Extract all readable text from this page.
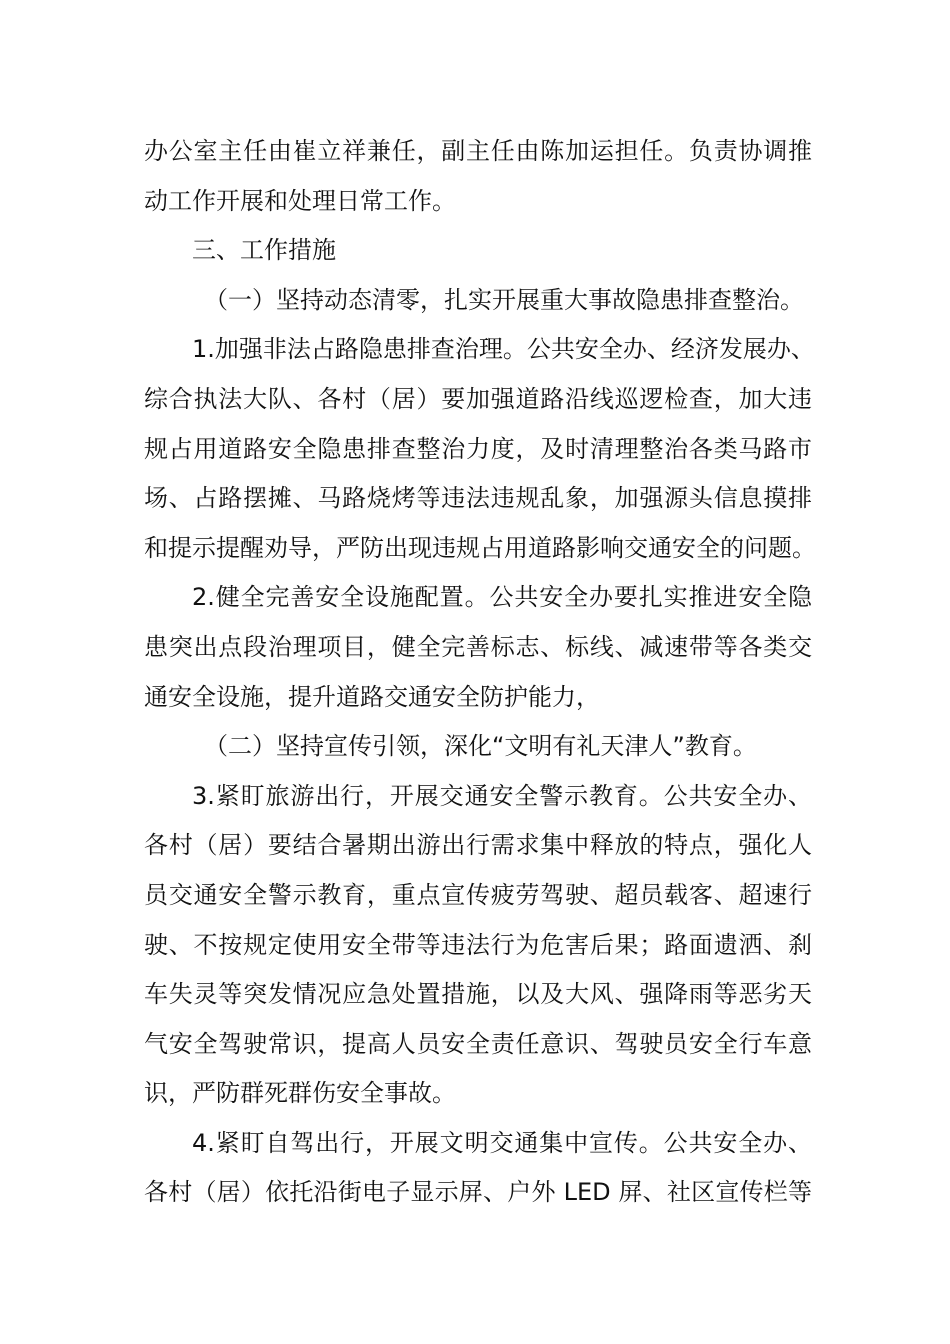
办公室主任由崔立祥兼任，副主任由陈加运担任。负责协调推
动工作开展和处理日常工作。
三、工作措施
（一）坚持动态清零，扎实开展重大事故隐患排查整治。
1.加强非法占路隐患排查治理。公共安全办、经济发展办、
综合执法大队、各村（居）要加强道路沿线巡逻检查，加大违
规占用道路安全隐患排查整治力度，及时清理整治各类马路市
场、占路摆摊、马路烧烤等违法违规乱象，加强源头信息摸排
和提示提醒劝导，严防出现违规占用道路影响交通安全的问题。
2.健全完善安全设施配置。公共安全办要扎实推进安全隐
患突出点段治理项目，健全完善标志、标线、减速带等各类交
通安全设施，提升道路交通安全防护能力，
（二）坚持宣传引领，深化“文明有礼天津人”教育。
3.紧盯旅游出行，开展交通安全警示教育。公共安全办、
各村（居）要结合暑期出游出行需求集中释放的特点，强化人
员交通安全警示教育，重点宣传疲劳驾驶、超员载客、超速行
驶、不按规定使用安全带等违法行为危害后果；路面遗洒、刹
车失灵等突发情况应急处置措施，以及大风、强降雨等恶劣天
气安全驾驶常识，提高人员安全责任意识、驾驶员安全行车意
识，严防群死群伤安全事故。
4.紧盯自驾出行，开展文明交通集中宣传。公共安全办、
各村（居）依托沿街电子显示屏、户外 LED 屏、社区宣传栏等
